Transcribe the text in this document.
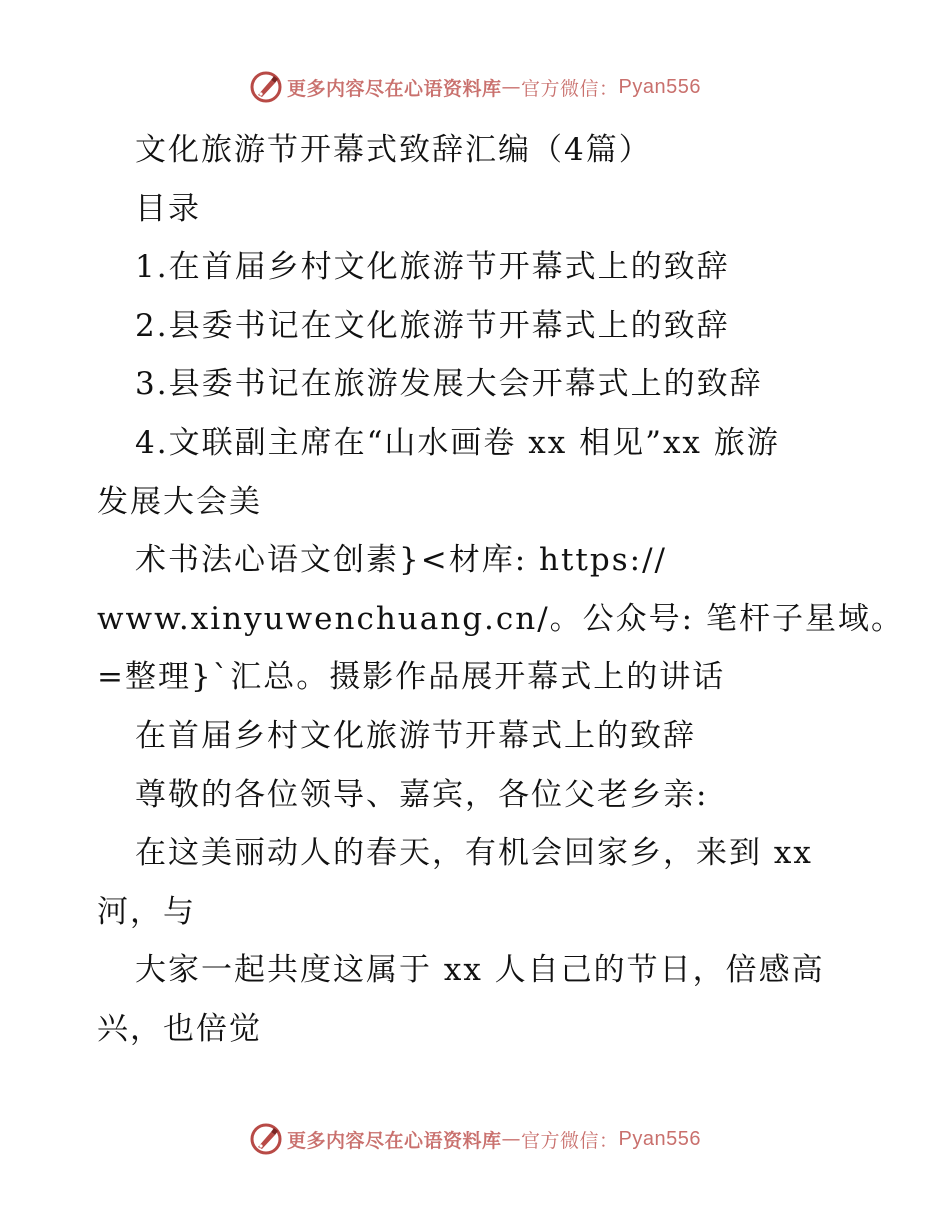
更多内容尽在心语资料库 — 官方微信： Pyan556
文化旅游节开幕式致辞汇编（4篇）
目录
1.在首届乡村文化旅游节开幕式上的致辞
2.县委书记在文化旅游节开幕式上的致辞
3.县委书记在旅游发展大会开幕式上的致辞
4.文联副主席在“山水画卷 xx 相见”xx 旅游
发展大会美
术书法心语文创素}<材库: https://
www.xinyuwenchuang.cn/。公众号: 笔杆子星域。
=整理}`汇总。摄影作品展开幕式上的讲话
在首届乡村文化旅游节开幕式上的致辞
尊敬的各位领导、嘉宾，各位父老乡亲:
在这美丽动人的春天，有机会回家乡，来到 xx
河，与
大家一起共度这属于 xx 人自己的节日，倍感高
兴，也倍觉
更多内容尽在心语资料库 — 官方微信： Pyan556
